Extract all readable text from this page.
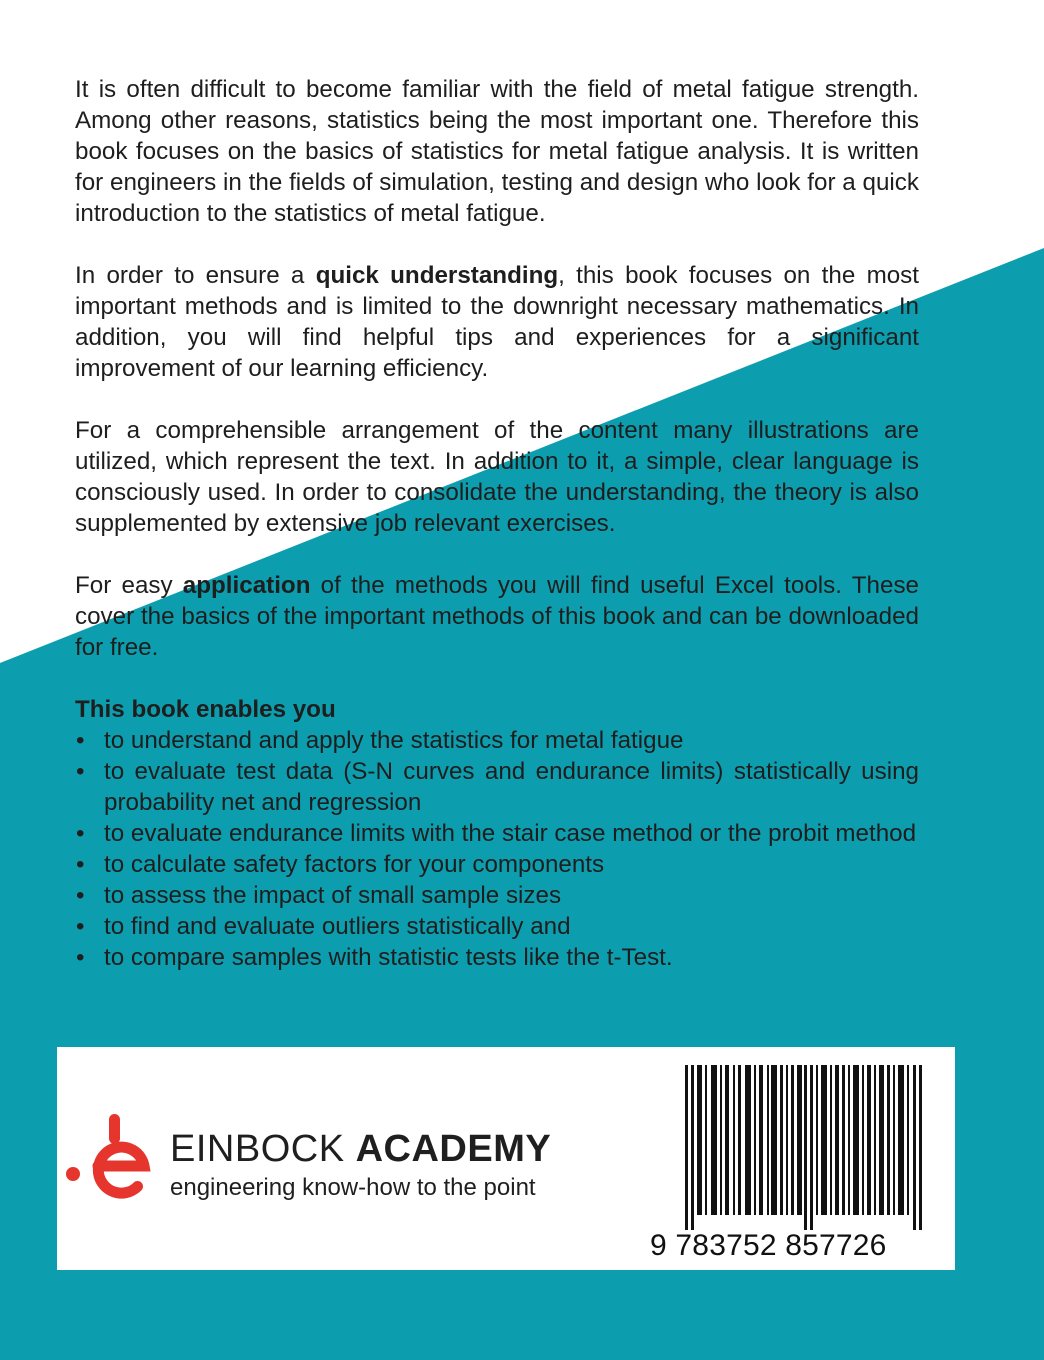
It is often difficult to become familiar with the field of metal fatigue strength. Among other reasons, statistics being the most important one. Therefore this book focuses on the basics of statistics for metal fatigue analysis. It is written for engineers in the fields of simulation, testing and design who look for a quick introduction to the statistics of metal fatigue.

In order to ensure a quick understanding, this book focuses on the most important methods and is limited to the downright necessary mathematics. In addition, you will find helpful tips and experiences for a significant improvement of our learning efficiency.

For a comprehensible arrangement of the content many illustrations are utilized, which represent the text. In addition to it, a simple, clear language is consciously used. In order to consolidate the understanding, the theory is also supplemented by extensive job relevant exercises.

For easy application of the methods you will find useful Excel tools. These cover the basics of the important methods of this book and can be downloaded for free.

This book enables you
• to understand and apply the statistics for metal fatigue
• to evaluate test data (S-N curves and endurance limits) statistically using probability net and regression
• to evaluate endurance limits with the stair case method or the probit method
• to calculate safety factors for your components
• to assess the impact of small sample sizes
• to find and evaluate outliers statistically and
• to compare samples with statistic tests like the t-Test.
EINBOCK ACADEMY
engineering know-how to the point
9 783752 857726
